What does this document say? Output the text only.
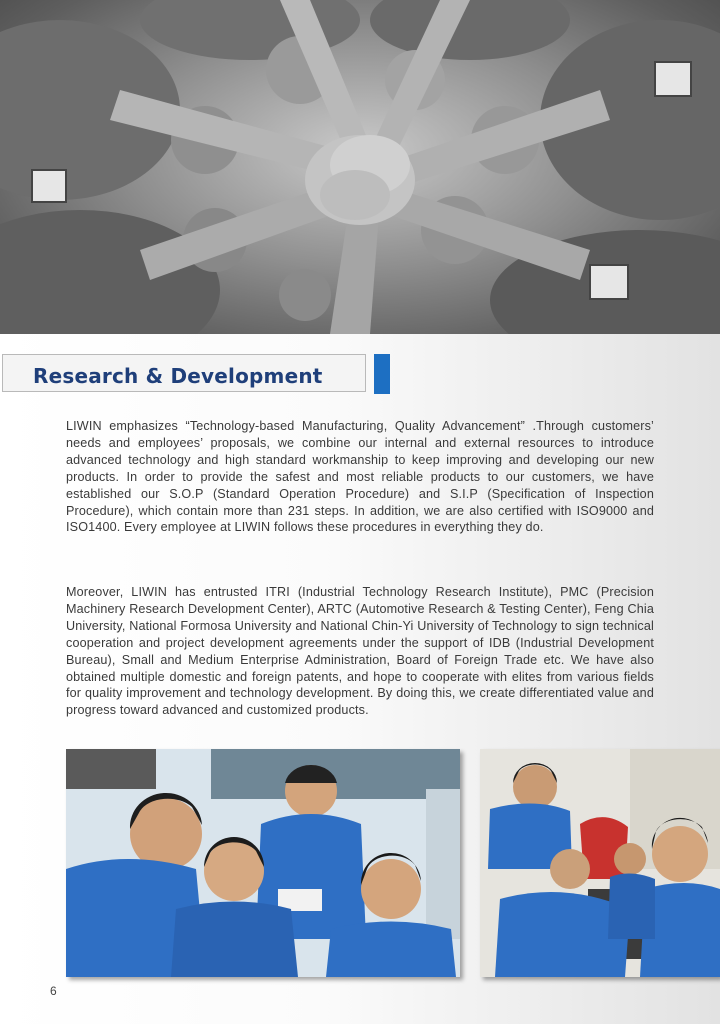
Research & Development

LIWIN emphasizes “Technology-based Manufacturing, Quality Advancement” .Through customers’ needs and employees’ proposals, we combine our internal and external resources to introduce advanced technology and high standard workmanship to keep improving and developing our new products. In order to provide the safest and most reliable products to our customers, we have established our S.O.P (Standard Operation Procedure) and S.I.P (Specification of Inspection Procedure), which contain more than 231 steps. In addition, we are also certified with ISO9000 and ISO1400. Every employee at LIWIN follows these procedures in everything they do.

Moreover, LIWIN has entrusted ITRI (Industrial Technology Research Institute), PMC (Precision Machinery Research Development Center), ARTC (Automotive Research & Testing Center), Feng Chia University, National Formosa University and National Chin-Yi University of Technology to sign technical cooperation and project development agreements under the support of IDB (Industrial Development Bureau), Small and Medium Enterprise Administration, Board of Foreign Trade etc. We have also obtained multiple domestic and foreign patents, and hope to cooperate with elites from various fields for quality improvement and technology development. By doing this, we create differentiated value and progress toward advanced and customized products.

6
